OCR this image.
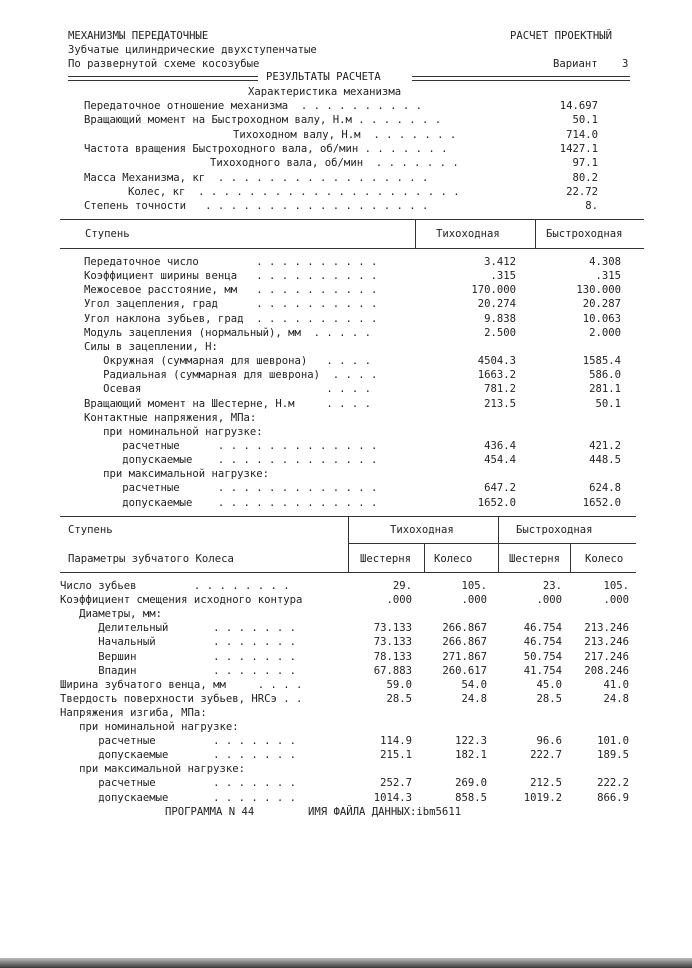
МЕХАНИЗМЫ ПЕРЕДАТОЧНЫЕ	РАСЧЕТ ПРОЕКТНЫЙ
Зубчатые цилиндрические двухступенчатые
По развернутой схеме косозубые	Вариант 3
РЕЗУЛЬТАТЫ РАСЧЕТА
Характеристика механизма
Передаточное отношение механизма  . . . . . . . . . .	14.697
Вращающий момент на Быстроходном валу, Н.м . . . . . . .	50.1
Тихоходном валу, Н.м  . . . . . . .	714.0
Частота вращения Быстроходного вала, об/мин . . . . . . .	1427.1
Тихоходного вала, об/мин  . . . . . . .	97.1
Масса Механизма, кг  . . . . . . . . . . . . . . . . .	80.2
Колес, кг  . . . . . . . . . . . . . . . . . . . . .	22.72
Степень точности   . . . . . . . . . . . . . . . . . .	8.
Ступень	Тихоходная	Быстроходная
Передаточное число         . . . . . . . . . .	3.412	4.308
Коэффициент ширины венца   . . . . . . . . . .	.315	.315
Межосевое расстояние, мм   . . . . . . . . . .	170.000	130.000
Угол зацепления, град      . . . . . . . . . .	20.274	20.287
Угол наклона зубьев, град  . . . . . . . . . .	9.838	10.063
Модуль зацепления (нормальный), мм  . . . . .	2.500	2.000
Силы в зацеплении, Н:
Окружная (суммарная для шеврона)   . . . .	4504.3	1585.4
Радиальная (суммарная для шеврона)  . . . .	1663.2	586.0
Осевая                             . . . .	781.2	281.1
Вращающий момент на Шестерне, Н.м     . . . .	213.5	50.1
Контактные напряжения, МПа:
при номинальной нагрузке:
расчетные      . . . . . . . . . . . . .	436.4	421.2
допускаемые    . . . . . . . . . . . . .	454.4	448.5
при максимальной нагрузке:
расчетные      . . . . . . . . . . . . .	647.2	624.8
допускаемые    . . . . . . . . . . . . .	1652.0	1652.0
Ступень	Тихоходная	Быстроходная
Параметры зубчатого Колеса	Шестерня Колесо	Шестерня Колесо
Число зубьев         . . . . . . . .	29.	105.	23.	105.
Коэффициент смещения исходного контура	.000	.000	.000	.000
Диаметры, мм:
Делительный       . . . . . . .	73.133	266.867	46.754 213.246
Начальный         . . . . . . .	73.133	266.867	46.754 213.246
Вершин            . . . . . . .	78.133	271.867	50.754 217.246
Впадин            . . . . . . .	67.883	260.617	41.754 208.246
Ширина зубчатого венца, мм     . . . .	59.0	54.0	45.0	41.0
Твердость поверхности зубьев, HRCэ . .	28.5	24.8	28.5	24.8
Напряжения изгиба, МПа:
при номинальной нагрузке:
расчетные         . . . . . . .	114.9	122.3	96.6	101.0
допускаемые       . . . . . . .	215.1	182.1	222.7	189.5
при максимальной нагрузке:
расчетные         . . . . . . .	252.7	269.0	212.5	222.2
допускаемые       . . . . . . .	1014.3	858.5	1019.2	866.9
ПРОГРАММА N 44	ИМЯ ФАЙЛА ДАННЫХ:ibm5611
